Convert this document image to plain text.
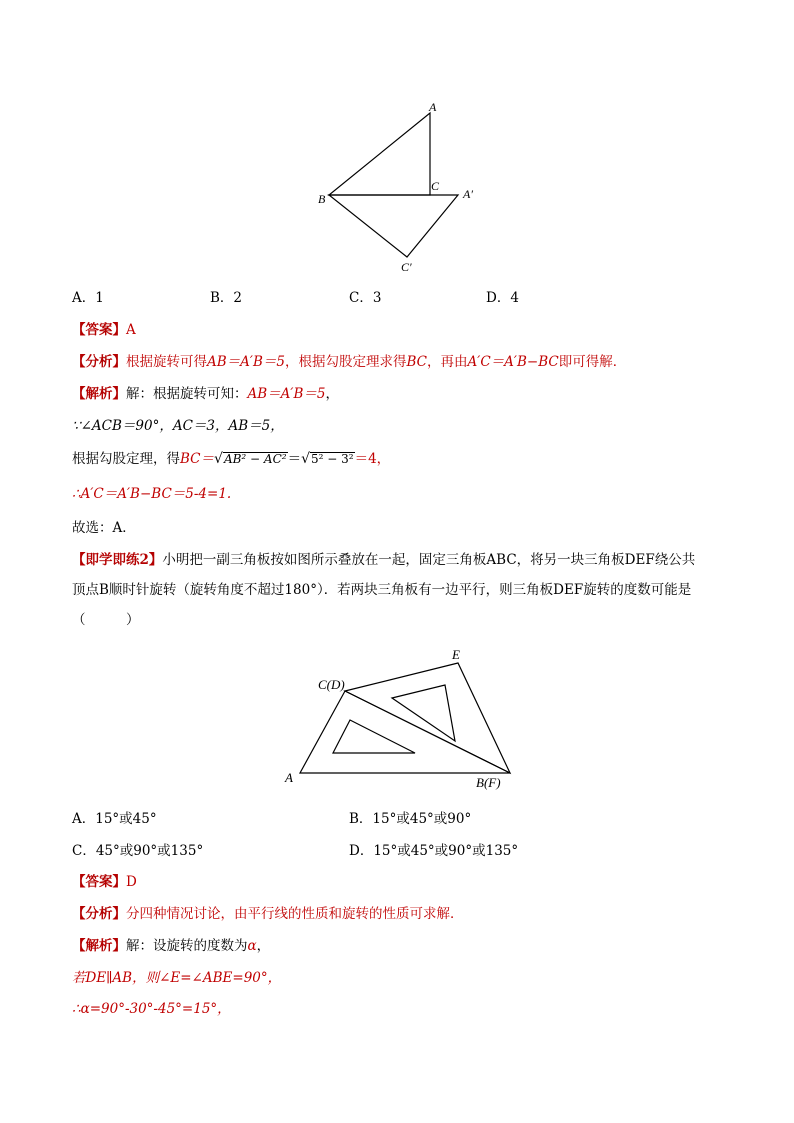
A
C
B	A′
C′
A．1	B．2	C．3	D．4
【答案】A
【分析】根据旋转可得AB＝A′B＝5，根据勾股定理求得BC，再由A′C＝A′B−BC即可得解．
【解析】解：根据旋转可知：AB＝A′B＝5，
∵∠ACB＝90°，AC＝3，AB＝5，
根据勾股定理，得BC＝√AB² − AC²＝√5² − 3²＝4，
∴A′C＝A′B−BC＝5-4=1.
故选：A．
【即学即练2】小明把一副三角板按如图所示叠放在一起，固定三角板ABC，将另一块三角板DEF绕公共
顶点B顺时针旋转（旋转角度不超过180°）．若两块三角板有一边平行，则三角板DEF旋转的度数可能是
（　　　）
C(D)
E
A	B(F)
A．15°或45°	B．15°或45°或90°
C．45°或90°或135°	D．15°或45°或90°或135°
【答案】D
【分析】分四种情况讨论，由平行线的性质和旋转的性质可求解．
【解析】解：设旋转的度数为α，
若DE∥AB，则∠E=∠ABE=90°，
∴α=90°-30°-45°=15°，
